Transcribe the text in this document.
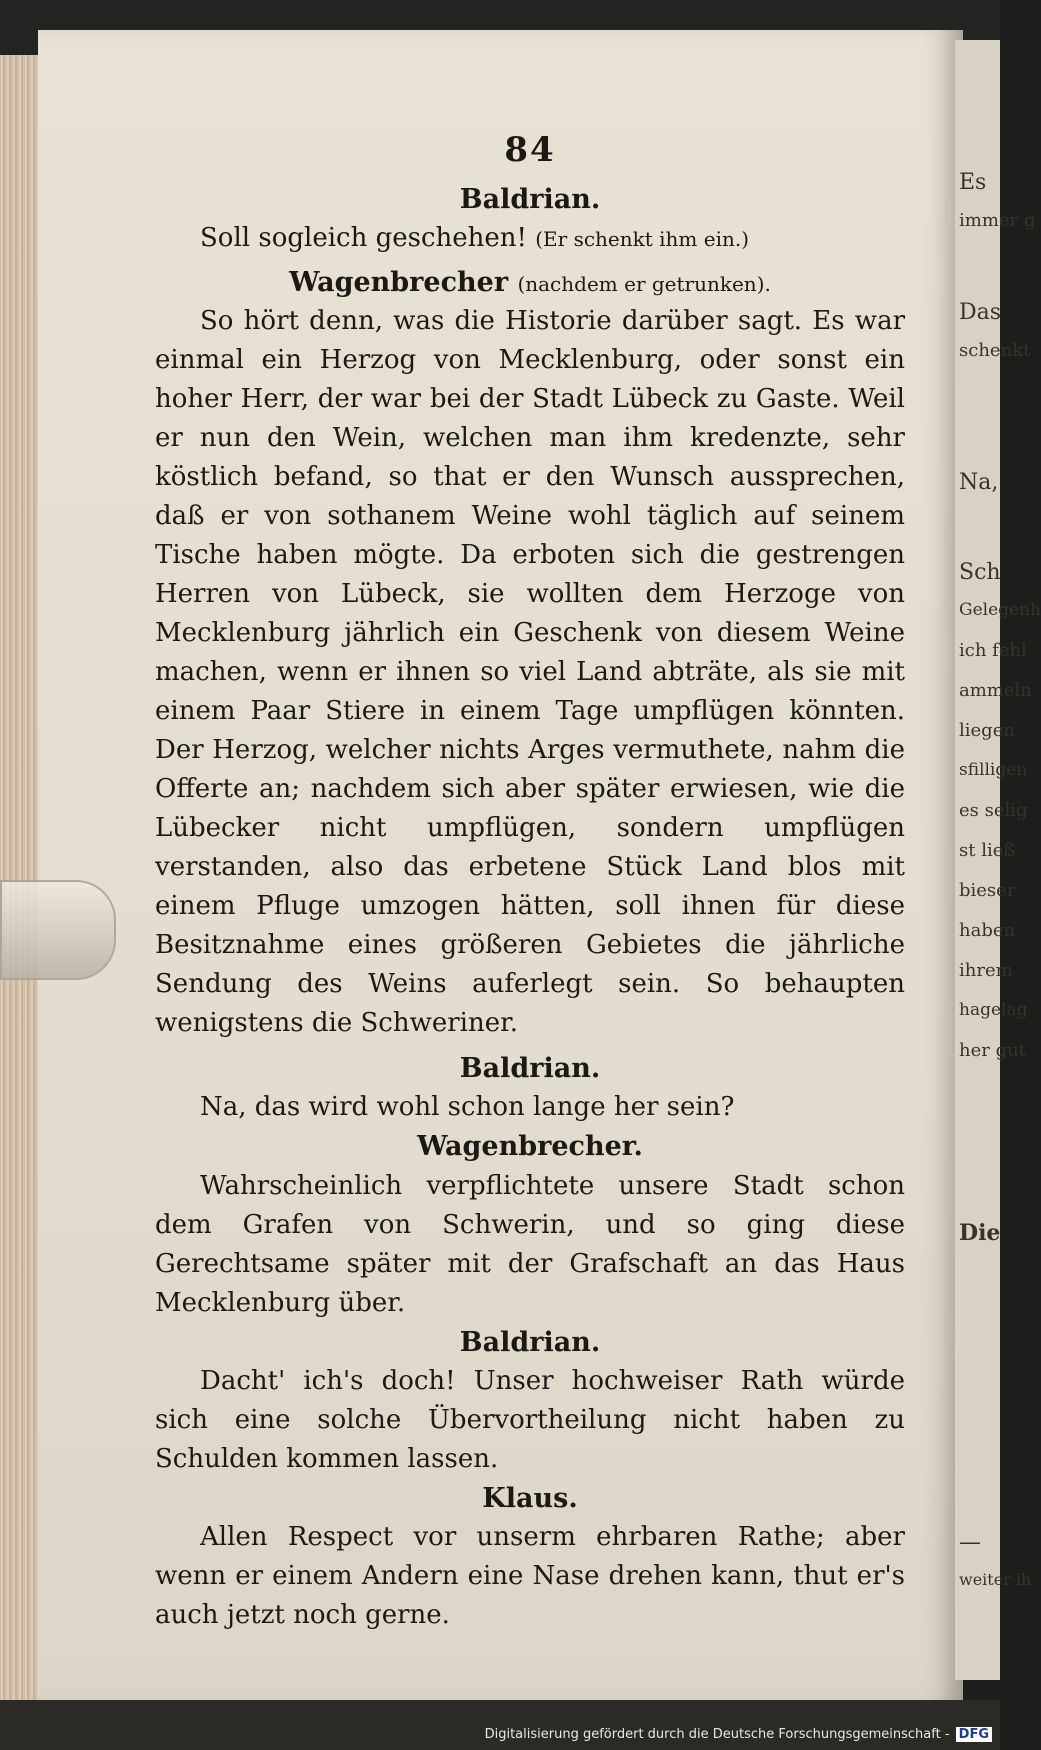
Es
immer g
Das
schenkt
Na,
Sch
Gelegenh
ich fehl
ammeln
liegen
sfilligen
es selig
st ließ
bieser
haben
ihrem
hagelag
her gut
Die
—
weiter ih
84

Baldrian.

Soll sogleich geschehen! (Er schenkt ihm ein.)

Wagenbrecher (nachdem er getrunken).

So hört denn, was die Historie darüber sagt. Es war einmal ein Herzog von Mecklenburg, oder sonst ein hoher Herr, der war bei der Stadt Lübeck zu Gaste. Weil er nun den Wein, welchen man ihm kredenzte, sehr köstlich befand, so that er den Wunsch aussprechen, daß er von sothanem Weine wohl täglich auf seinem Tische haben mögte. Da erboten sich die gestrengen Herren von Lübeck, sie wollten dem Herzoge von Mecklenburg jährlich ein Geschenk von diesem Weine machen, wenn er ihnen so viel Land abträte, als sie mit einem Paar Stiere in einem Tage umpflügen könnten. Der Herzog, welcher nichts Arges vermuthete, nahm die Offerte an; nachdem sich aber später erwiesen, wie die Lübecker nicht umpflügen, sondern umpflügen verstanden, also das erbetene Stück Land blos mit einem Pfluge umzogen hätten, soll ihnen für diese Besitznahme eines größeren Gebietes die jährliche Sendung des Weins auferlegt sein. So behaupten wenigstens die Schweriner.

Baldrian.

Na, das wird wohl schon lange her sein?

Wagenbrecher.

Wahrscheinlich verpflichtete unsere Stadt schon dem Grafen von Schwerin, und so ging diese Gerechtsame später mit der Grafschaft an das Haus Mecklenburg über.

Baldrian.

Dacht' ich's doch! Unser hochweiser Rath würde sich eine solche Übervortheilung nicht haben zu Schulden kommen lassen.

Klaus.

Allen Respect vor unserm ehrbaren Rathe; aber wenn er einem Andern eine Nase drehen kann, thut er's auch jetzt noch gerne.

Digitalisierung gefördert durch die Deutsche Forschungsgemeinschaft - DFG
